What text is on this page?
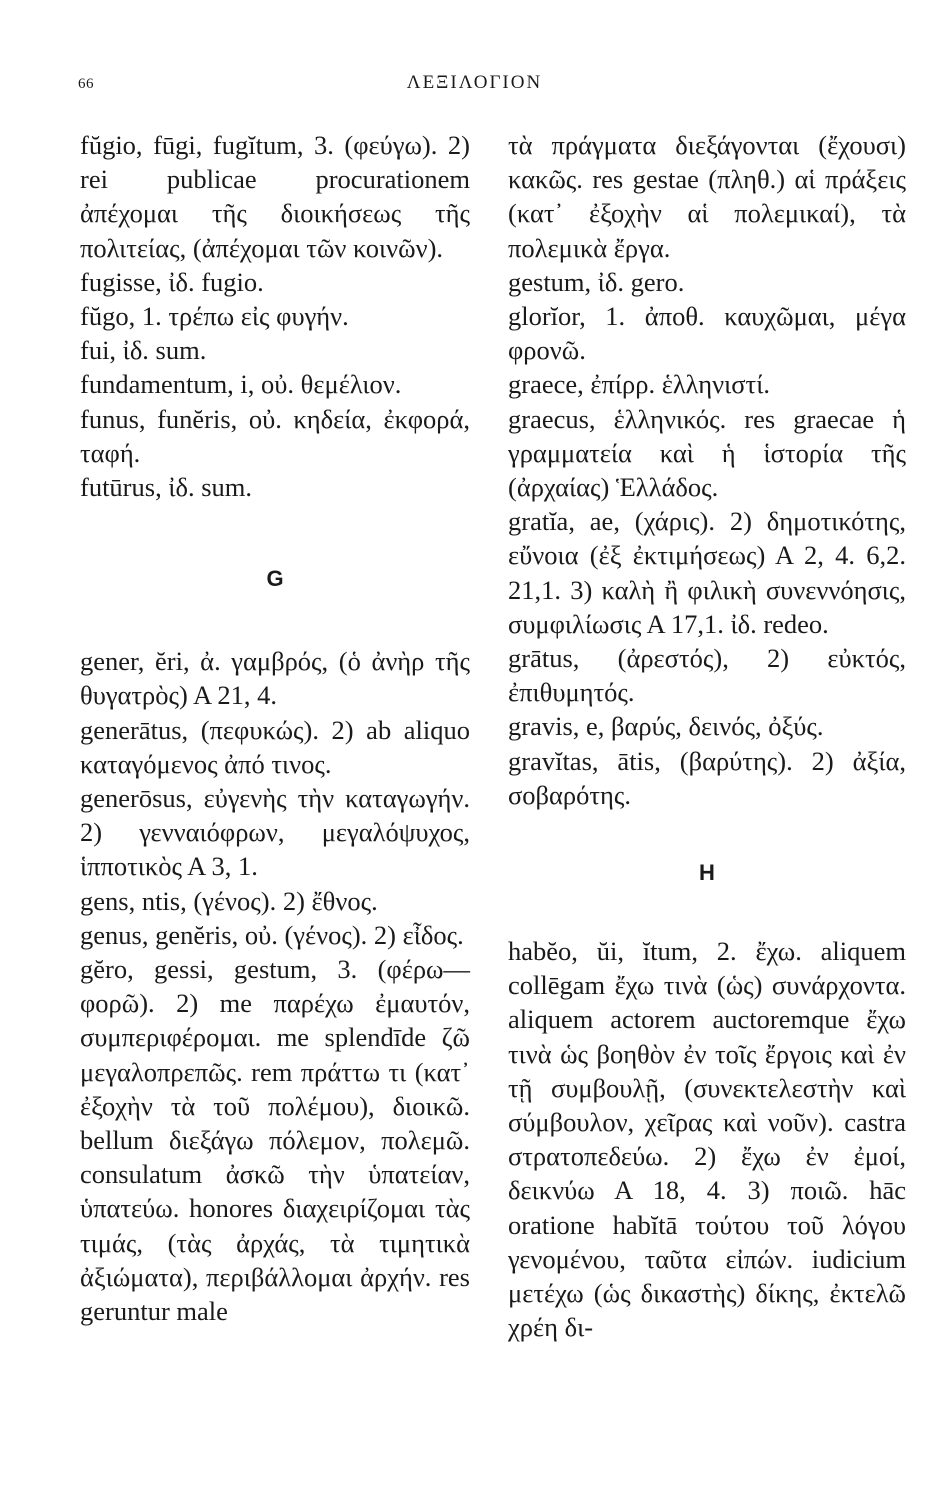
66	ΛΕΞΙΛΟΓΙΟΝ

fŭgio, fūgi, fugĭtum, 3. (φεύγω). 2) rei publicae procurationem ἀπέχομαι τῆς διοικήσεως τῆς πολιτείας, (ἀπέχομαι τῶν κοινῶν).

fugisse, ἰδ. fugio.

fŭgo, 1. τρέπω εἰς φυγήν.

fui, ἰδ. sum.

fundamentum, i, οὐ. θεμέλιον.

funus, funĕris, οὐ. κηδεία, ἐκφορά, ταφή.

futūrus, ἰδ. sum.

G

gener, ĕri, ἀ. γαμβρός, (ὁ ἀνὴρ τῆς θυγατρὸς) Α 21, 4.

generātus, (πεφυκώς). 2) ab aliquo καταγόμενος ἀπό τινος.

generōsus, εὐγενὴς τὴν καταγωγήν. 2) γενναιόφρων, μεγαλόψυχος, ἱπποτικὸς Α 3, 1.

gens, ntis, (γένος). 2) ἔθνος.

genus, genĕris, οὐ. (γένος). 2) εἶδος.

gĕro, gessi, gestum, 3. (φέρω—φορῶ). 2) me παρέχω ἐμαυτόν, συμπεριφέρομαι. me splendīde ζῶ μεγαλοπρεπῶς. rem πράττω τι (κατ᾽ ἐξοχὴν τὰ τοῦ πολέμου), διοικῶ. bellum διεξάγω πόλεμον, πολεμῶ. consulatum ἀσκῶ τὴν ὑπατείαν, ὑπατεύω. honores διαχειρίζομαι τὰς τιμάς, (τὰς ἀρχάς, τὰ τιμητικὰ ἀξιώματα), περιβάλλομαι ἀρχήν. res geruntur male

τὰ πράγματα διεξάγονται (ἔχουσι) κακῶς. res gestae (πληθ.) αἱ πράξεις (κατ᾽ ἐξοχὴν αἱ πολεμικαί), τὰ πολεμικὰ ἔργα.

gestum, ἰδ. gero.

glorĭor, 1. ἀποθ. καυχῶμαι, μέγα φρονῶ.

graece, ἐπίρρ. ἑλληνιστί.

graecus, ἑλληνικός. res graecae ἡ γραμματεία καὶ ἡ ἱστορία τῆς (ἀρχαίας) Ἑλλάδος.

gratĭa, ae, (χάρις). 2) δημοτικότης, εὔνοια (ἐξ ἐκτιμήσεως) Α 2, 4. 6,2. 21,1. 3) καλὴ ἢ φιλικὴ συνεννόησις, συμφιλίωσις Α 17,1. ἰδ. redeo.

grātus, (ἀρεστός), 2) εὐκτός, ἐπιθυμητός.

gravis, e, βαρύς, δεινός, ὀξύς.

gravĭtas, ātis, (βαρύτης). 2) ἀξία, σοβαρότης.

H

habĕo, ŭi, ĭtum, 2. ἔχω. aliquem collēgam ἔχω τινὰ (ὡς) συνάρχοντα. aliquem actorem auctoremque ἔχω τινὰ ὡς βοηθὸν ἐν τοῖς ἔργοις καὶ ἐν τῇ συμβουλῇ, (συνεκτελεστὴν καὶ σύμβουλον, χεῖρας καὶ νοῦν). castra στρατοπεδεύω. 2) ἔχω ἐν ἐμοί, δεικνύω Α 18, 4. 3) ποιῶ. hāc oratione habĭtā τούτου τοῦ λόγου γενομένου, ταῦτα εἰπών. iudicium μετέχω (ὡς δικαστὴς) δίκης, ἐκτελῶ χρέη δι-
